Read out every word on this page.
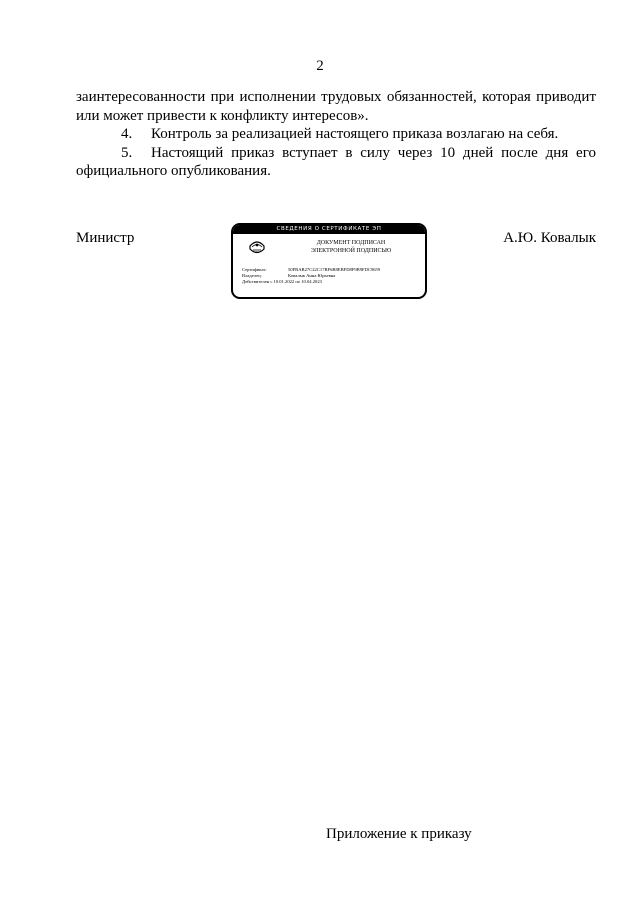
2

заинтересованности при исполнении трудовых обязанностей, которая приводит

или может привести к конфликту интересов».

4. Контроль за реализацией настоящего приказа возлагаю на себя.

5. Настоящий приказ вступает в силу через 10 дней после дня его

официального опубликования.

Министр	А.Ю. Ковалык
СВЕДЕНИЯ О СЕРТИФИКАТЕ ЭП
ДОКУМЕНТ ПОДПИСАН
ЭЛЕКТРОННОЙ ПОДПИСЬЮ
Сертификат:	50FBAB27C22C17BF6B8EBFD8F9B9FDC9659
Владелец:	Ковалык Анна Юрьевна
Действителен с 10.01.2022 по 10.04.2023
Приложение к приказу
